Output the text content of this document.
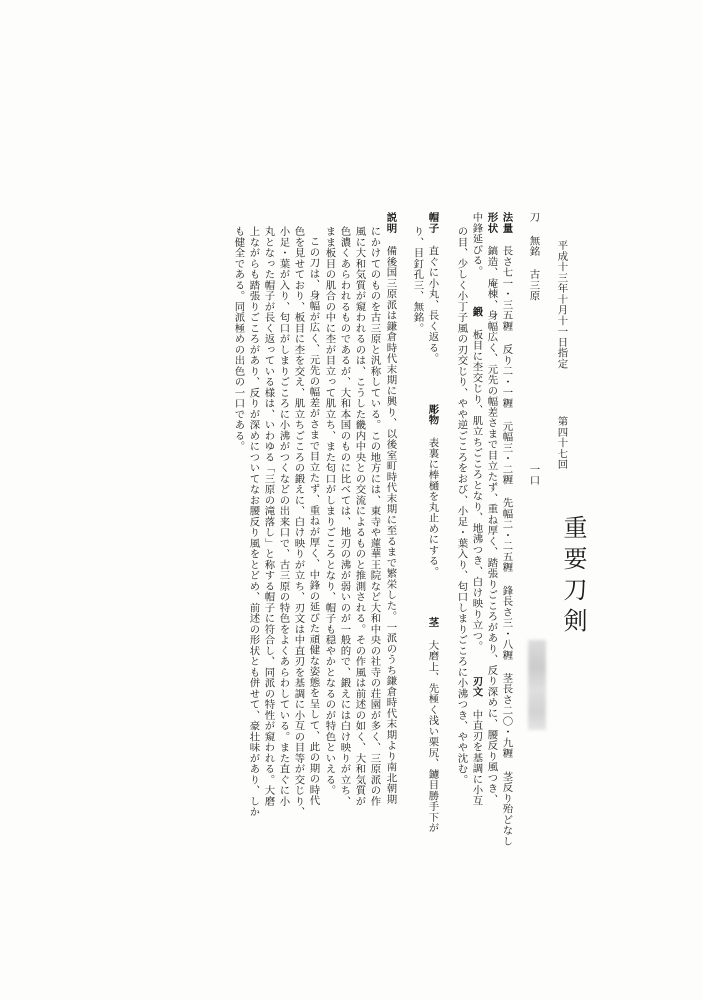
平成十三年十月十一日指定
第四十七回
一口
重要刀剣
刀 無銘 古三原
法量長さ七一・三五糎 反り二・一糎 元幅三・二糎 先幅二・二五糎 鋒長さ三・八糎 茎長さ二〇・九糎 茎反り殆どなし
形状鎬造、庵棟、身幅広く、元先の幅差さまで目立たず、重ね厚く、踏張りごころがあり、反り深めに、腰反り風つき、
中鋒延びる。鍛板目に杢交じり、肌立ちごころとなり、地沸つき、白け映り立つ。刃文中直刃を基調に小互
の目、少しく小丁子風の刃交じり、やや逆ごころをおび、小足・葉入り、匂口しまりごころに小沸つき、やや沈む。
帽子直ぐに小丸、長く返る。彫物表裏に棒樋を丸止めにする。茎大磨上、先極く浅い栗尻、鑢目勝手下が
り、目釘孔三、無銘。
説明備後国三原派は鎌倉時代末期に興り、以後室町時代末期に至るまで繁栄した。一派のうち鎌倉時代末期より南北朝期
にかけてのものを古三原と汎称している。この地方には、東寺や蓮華王院など大和中央の社寺の荘園が多く、三原派の作
風に大和気質が窺われるのは、こうした畿内中央との交流によるものと推測される。その作風は前述の如く、大和気質が
色濃くあらわれるものであるが、大和本国のものに比べては、地刃の沸が弱いのが一般的で、鍛えには白け映りが立ち、
まま板目の肌合の中に杢が目立って肌立ち、また匂口がしまりごころとなり、帽子も穏やかとなるのが特色といえる。
この刀は、身幅が広く、元先の幅差がさまで目立たず、重ねが厚く、中鋒の延びた頑健な姿態を呈して、此の期の時代
色を見せており、板目に杢を交え、肌立ちごころの鍛えに、白け映りが立ち、刃文は中直刃を基調に小互の目等が交じり、
小足・葉が入り、匂口がしまりごころに小沸がつくなどの出来口で、古三原の特色をよくあらわしている。また直ぐに小
丸となった帽子が長く返っている様は、いわゆる「三原の滝落し」と称する帽子に符合し、同派の特性が窺われる。大磨
上ながらも踏張りごころがあり、反りが深めについてなお腰反り風をとどめ、前述の形状とも併せて、豪壮味があり、しか
も健全である。同派極めの出色の一口である。
